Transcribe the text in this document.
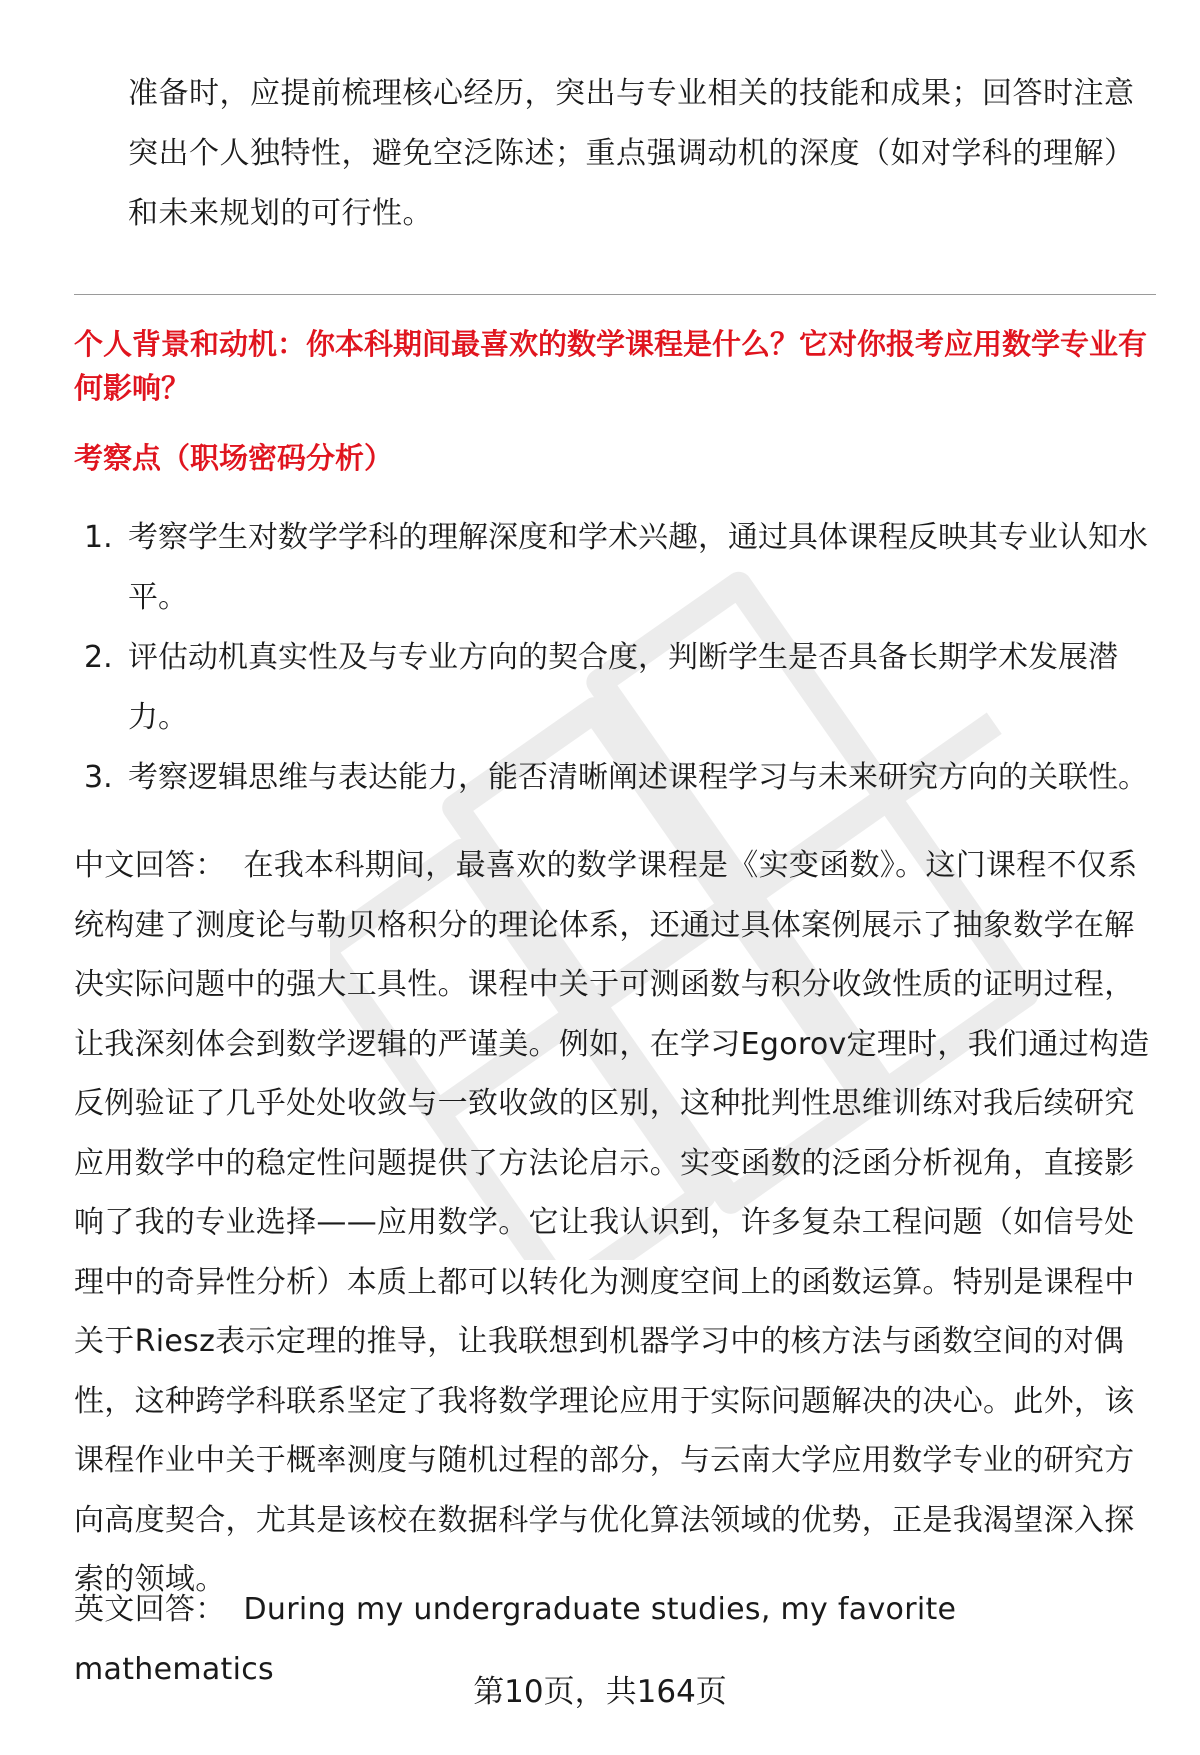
准备时，应提前梳理核心经历，突出与专业相关的技能和成果；回答时注意突出个人独特性，避免空泛陈述；重点强调动机的深度（如对学科的理解）和未来规划的可行性。
个人背景和动机：你本科期间最喜欢的数学课程是什么？它对你报考应用数学专业有何影响？
考察点（职场密码分析）
1. 考察学生对数学学科的理解深度和学术兴趣，通过具体课程反映其专业认知水平。
2. 评估动机真实性及与专业方向的契合度，判断学生是否具备长期学术发展潜力。
3. 考察逻辑思维与表达能力，能否清晰阐述课程学习与未来研究方向的关联性。
中文回答： 在我本科期间，最喜欢的数学课程是《实变函数》。这门课程不仅系统构建了测度论与勒贝格积分的理论体系，还通过具体案例展示了抽象数学在解决实际问题中的强大工具性。课程中关于可测函数与积分收敛性质的证明过程，让我深刻体会到数学逻辑的严谨美。例如，在学习Egorov定理时，我们通过构造反例验证了几乎处处收敛与一致收敛的区别，这种批判性思维训练对我后续研究应用数学中的稳定性问题提供了方法论启示。实变函数的泛函分析视角，直接影响了我的专业选择——应用数学。它让我认识到，许多复杂工程问题（如信号处理中的奇异性分析）本质上都可以转化为测度空间上的函数运算。特别是课程中关于Riesz表示定理的推导，让我联想到机器学习中的核方法与函数空间的对偶性，这种跨学科联系坚定了我将数学理论应用于实际问题解决的决心。此外，该课程作业中关于概率测度与随机过程的部分，与云南大学应用数学专业的研究方向高度契合，尤其是该校在数据科学与优化算法领域的优势，正是我渴望深入探索的领域。
英文回答： During my undergraduate studies, my favorite mathematics
第10页，共164页
